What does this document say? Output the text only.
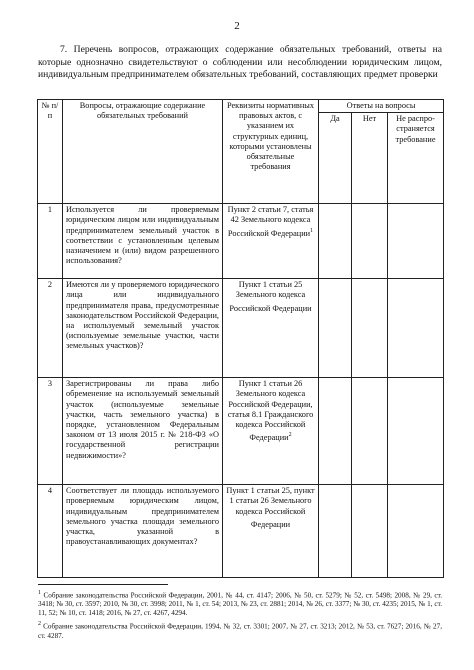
2
7. Перечень вопросов, отражающих содержание обязательных требований, ответы на которые однозначно свидетельствуют о соблюдении или несоблюдении юридическим лицом, индивидуальным предпринимателем обязательных требований, составляющих предмет проверки
№ п/п	Вопросы, отражающие содержание обязательных требований	Реквизиты нормативных правовых актов, с указанием их структурных единиц, которыми установлены обязательные требования	Ответы на вопросы		
			Да	Нет	Не распро-страняется требование
1	Используется ли проверяемым юридическим лицом или индивидуальным предпринимателем земельный участок в соответствии с установленным целевым назначением и (или) видом разрешенного использования?	Пункт 2 статьи 7, статья 42 Земельного кодекса Российской Федерации$^1$			
2	Имеются ли у проверяемого юридического лица или индивидуального предпринимателя права, предусмотренные законодательством Российской Федерации, на используемый земельный участок (используемые земельные участки, части земельных участков)?	Пункт 1 статьи 25 Земельного кодекса Российской Федерации			
3	Зарегистрированы ли права либо обременение на используемый земельный участок (используемые земельные участки, часть земельного участка) в порядке, установленном Федеральным законом от 13 июля 2015 г. № 218-ФЗ «О государственной регистрации недвижимости»?	Пункт 1 статьи 26 Земельного кодекса Российской Федерации, статья 8.1 Гражданского кодекса Российской Федерации$^2$			
4	Соответствует ли площадь используемого проверяемым юридическим лицом, индивидуальным предпринимателем земельного участка площади земельного участка, указанной в правоустанавливающих документах?	Пункт 1 статьи 25, пункт 1 статьи 26 Земельного кодекса Российской Федерации			

$^1$ Собрание законодательства Российской Федерации, 2001, № 44, ст. 4147; 2006, № 50, ст. 5279; № 52, ст. 5498; 2008, № 29, ст. 3418; № 30, ст. 3597; 2010, № 30, ст. 3998; 2011, № 1, ст. 54; 2013, № 23, ст. 2881; 2014, № 26, ст. 3377; № 30, ст. 4235; 2015, № 1, ст. 11, 52; № 10, ст. 1418; 2016, № 27, ст. 4267, 4294.

$^2$ Собрание законодательства Российской Федерации, 1994, № 32, ст. 3301; 2007, № 27, ст. 3213; 2012, № 53, ст. 7627; 2016, № 27, ст. 4287.
